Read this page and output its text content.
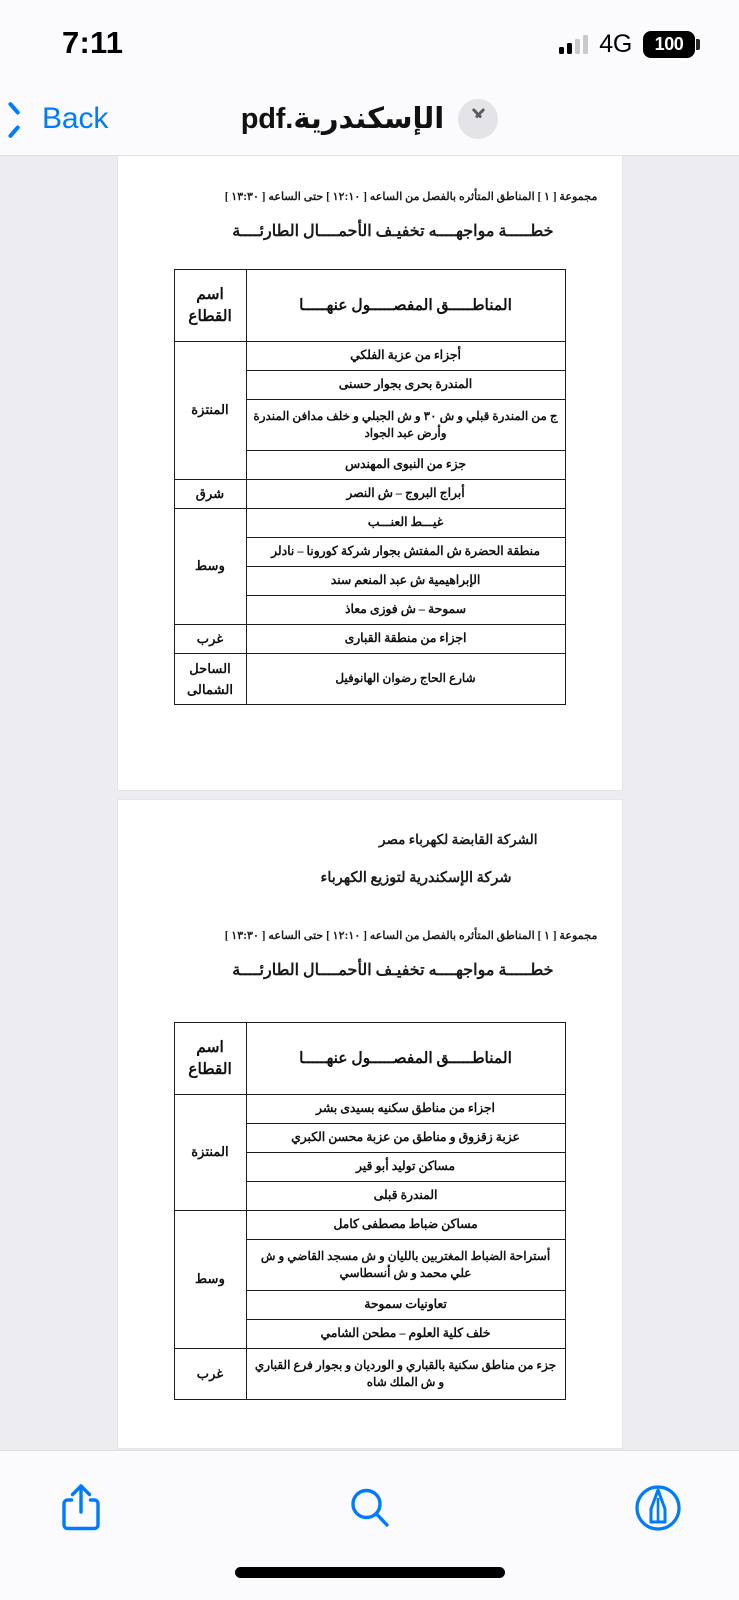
7:11	4G 100
Back	الإسكندرية.pdf
مجموعة [ ١ ] المناطق المتأثره بالفصل من الساعه [ ١٢:١٠ ] حتى الساعه [ ١٣:٣٠ ]
خطـــــة مواجهــــه تخفيـف الأحمــــال الطارئــــة
المناطـــــق المفصـــــول عنهـــــا	اسم القطاع
أجزاء من عزبة الفلكي	المنتزة
المندرة بحرى بجوار حسنى	
ج من المندرة قبلي و ش ٣٠ و ش الجبلي و خلف مدافن المندرة وأرض عبد الجواد	
جزء من النبوى المهندس	
أبراج البروج – ش النصر	شرق
غيـــط العنـــب	وسط
منطقة الحضرة ش المفتش بجوار شركة كورونا – نادلر	
الإبراهيمية ش عبد المنعم سند	
سموحة – ش فوزى معاذ	
اجزاء من منطقة القبارى	غرب
شارع الحاج رضوان الهانوفيل	الساحل الشمالى
الشركة القابضة لكهرباء مصر
شركة الإسكندرية لتوزيع الكهرباء
مجموعة [ ١ ] المناطق المتأثره بالفصل من الساعه [ ١٢:١٠ ] حتى الساعه [ ١٣:٣٠ ]
خطـــــة مواجهــــه تخفيـف الأحمــــال الطارئــــة
المناطـــــق المفصـــــول عنهـــــا	اسم القطاع
اجزاء من مناطق سكنيه بسيدى بشر	المنتزة
عزبة زقزوق و مناطق من عزبة محسن الكبري	
مساكن توليد أبو قير	
المندرة قبلى	
مساكن ضباط مصطفى كامل	وسط
أستراحة الضباط المغتربين بالليان و ش مسجد القاضي و ش علي محمد و ش أنسطاسي	
تعاونيات سموحة	
خلف كلية العلوم – مطحن الشامي	
جزء من مناطق سكنية بالقباري و الورديان و بجوار فرع القباري و ش الملك شاه	غرب
